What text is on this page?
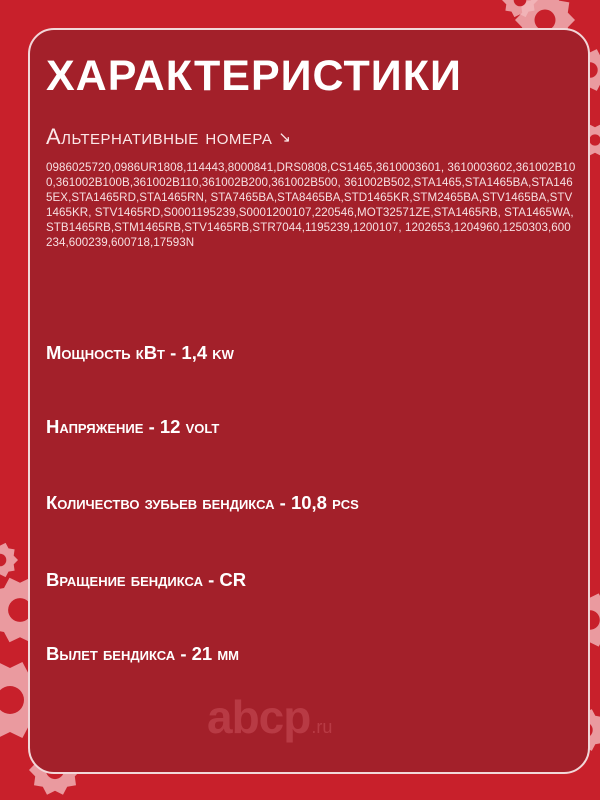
ХАРАКТЕРИСТИКИ
Альтернативные номера ↘
0986025720,0986UR1808,114443,8000841,DRS0808,CS1465,3610003601, 3610003602,361002B100,361002B100B,361002B110,361002B200,361002B500, 361002B502,STA1465,STA1465BA,STA1465EX,STA1465RD,STA1465RN, STA7465BA,STA8465BA,STD1465KR,STM2465BA,STV1465BA,STV1465KR, STV1465RD,S0001195239,S0001200107,220546,MOT32571ZE,STA1465RB, STA1465WA,STB1465RB,STM1465RB,STV1465RB,STR7044,1195239,1200107, 1202653,1204960,1250303,600234,600239,600718,17593N
Мощность кВт - 1,4 kw
Напряжение - 12 volt
Количество зубьев бендикса - 10,8 pcs
Вращение бендикса - CR
Вылет бендикса - 21 мм
abcp.ru
